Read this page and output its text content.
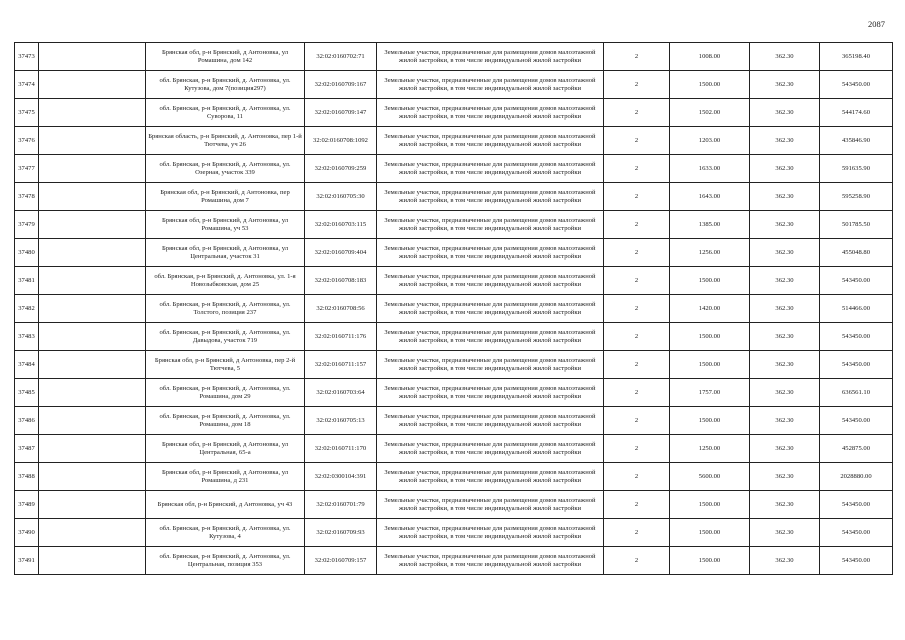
2087
37473		Брянская обл, р-н Брянский, д Антоновка, ул Ромашина, дом 142	32:02:0160702:71	Земельные участки, предназначенные для размещения домов малоэтажной жилой застройки, в том числе индивидуальной жилой застройки	2	1008.00	362.30	365198.40
37474		обл. Брянская, р-н Брянский, д. Антоновка, ул. Кутузова, дом 7(позиция297)	32:02:0160709:167	Земельные участки, предназначенные для размещения домов малоэтажной жилой застройки, в том числе индивидуальной жилой застройки	2	1500.00	362.30	543450.00
37475		обл. Брянская, р-н Брянский, д. Антоновка, ул. Суворова, 11	32:02:0160709:147	Земельные участки, предназначенные для размещения домов малоэтажной жилой застройки, в том числе индивидуальной жилой застройки	2	1502.00	362.30	544174.60
37476		Брянская область, р-н Брянский, д. Антоновка, пер 1-й Тютчева, уч 26	32:02:0160708:1092	Земельные участки, предназначенные для размещения домов малоэтажной жилой застройки, в том числе индивидуальной жилой застройки	2	1203.00	362.30	435846.90
37477		обл. Брянская, р-н Брянский, д. Антоновка, ул. Озерная, участок 339	32:02:0160709:259	Земельные участки, предназначенные для размещения домов малоэтажной жилой застройки, в том числе индивидуальной жилой застройки	2	1633.00	362.30	591635.90
37478		Брянская обл, р-н Брянский, д Антоновка, пер Ромашина, дом 7	32:02:0160705:30	Земельные участки, предназначенные для размещения домов малоэтажной жилой застройки, в том числе индивидуальной жилой застройки	2	1643.00	362.30	595258.90
37479		Брянская обл, р-н Брянский, д Антоновка, ул Ромашина, уч 53	32:02:0160703:115	Земельные участки, предназначенные для размещения домов малоэтажной жилой застройки, в том числе индивидуальной жилой застройки	2	1385.00	362.30	501785.50
37480		Брянская обл, р-н Брянский, д Антоновка, ул Центральная, участок 31	32:02:0160709:404	Земельные участки, предназначенные для размещения домов малоэтажной жилой застройки, в том числе индивидуальной жилой застройки	2	1256.00	362.30	455048.80
37481		обл. Брянская, р-н Брянский, д. Антоновка, ул. 1-я Новозыбковская, дом 25	32:02:0160708:183	Земельные участки, предназначенные для размещения домов малоэтажной жилой застройки, в том числе индивидуальной жилой застройки	2	1500.00	362.30	543450.00
37482		обл. Брянская, р-н Брянский, д. Антоновка, ул. Толстого, позиция 237	32:02:0160708:56	Земельные участки, предназначенные для размещения домов малоэтажной жилой застройки, в том числе индивидуальной жилой застройки	2	1420.00	362.30	514466.00
37483		обл. Брянская, р-н Брянский, д. Антоновка, ул. Давыдова, участок 719	32:02:0160711:176	Земельные участки, предназначенные для размещения домов малоэтажной жилой застройки, в том числе индивидуальной жилой застройки	2	1500.00	362.30	543450.00
37484		Брянская обл, р-н Брянский, д Антоновка, пер 2-й Тютчева, 5	32:02:0160711:157	Земельные участки, предназначенные для размещения домов малоэтажной жилой застройки, в том числе индивидуальной жилой застройки	2	1500.00	362.30	543450.00
37485		обл. Брянская, р-н Брянский, д. Антоновка, ул. Ромашина, дом 29	32:02:0160703:64	Земельные участки, предназначенные для размещения домов малоэтажной жилой застройки, в том числе индивидуальной жилой застройки	2	1757.00	362.30	636561.10
37486		обл. Брянская, р-н Брянский, д. Антоновка, ул. Ромашина, дом 18	32:02:0160705:13	Земельные участки, предназначенные для размещения домов малоэтажной жилой застройки, в том числе индивидуальной жилой застройки	2	1500.00	362.30	543450.00
37487		Брянская обл, р-н Брянский, д Антоновка, ул Центральная, 65-а	32:02:0160711:170	Земельные участки, предназначенные для размещения домов малоэтажной жилой застройки, в том числе индивидуальной жилой застройки	2	1250.00	362.30	452875.00
37488		Брянская обл, р-н Брянский, д Антоновка, ул Ромашина, д 231	32:02:0300104:391	Земельные участки, предназначенные для размещения домов малоэтажной жилой застройки, в том числе индивидуальной жилой застройки	2	5600.00	362.30	2028880.00
37489		Брянская обл, р-н Брянский, д Антоновка, уч 43	32:02:0160701:79	Земельные участки, предназначенные для размещения домов малоэтажной жилой застройки, в том числе индивидуальной жилой застройки	2	1500.00	362.30	543450.00
37490		обл. Брянская, р-н Брянский, д. Антоновка, ул. Кутузова, 4	32:02:0160709:93	Земельные участки, предназначенные для размещения домов малоэтажной жилой застройки, в том числе индивидуальной жилой застройки	2	1500.00	362.30	543450.00
37491		обл. Брянская, р-н Брянский, д. Антоновка, ул. Центральная, позиция 353	32:02:0160709:157	Земельные участки, предназначенные для размещения домов малоэтажной жилой застройки, в том числе индивидуальной жилой застройки	2	1500.00	362.30	543450.00
